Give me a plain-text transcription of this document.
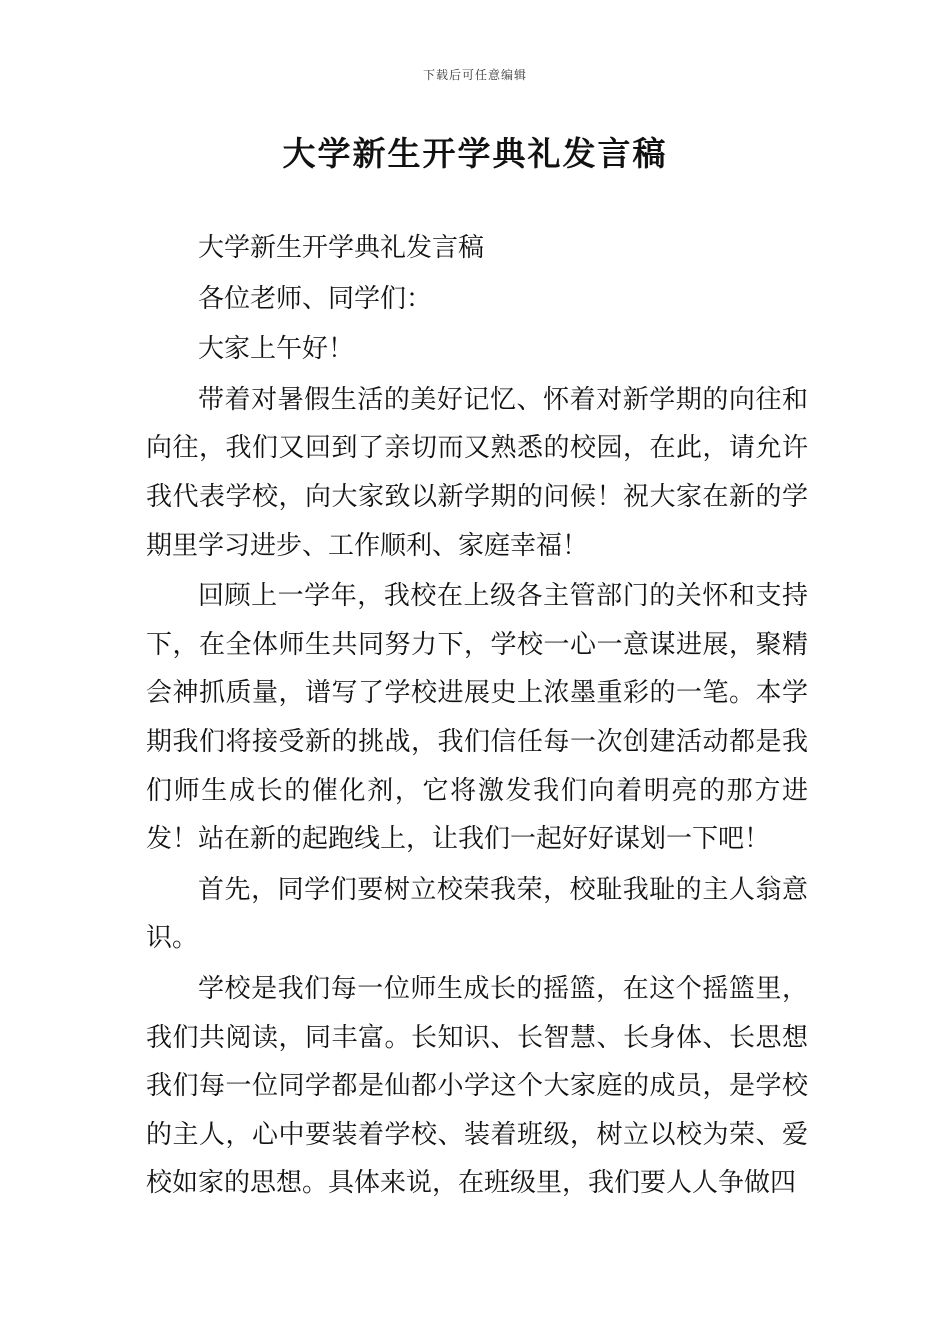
下载后可任意编辑
大学新生开学典礼发言稿

大学新生开学典礼发言稿

各位老师、同学们：

大家上午好！

带着对暑假生活的美好记忆、怀着对新学期的向往和向往，我们又回到了亲切而又熟悉的校园，在此，请允许我代表学校，向大家致以新学期的问候！祝大家在新的学期里学习进步、工作顺利、家庭幸福！

回顾上一学年，我校在上级各主管部门的关怀和支持下，在全体师生共同努力下，学校一心一意谋进展，聚精会神抓质量，谱写了学校进展史上浓墨重彩的一笔。本学期我们将接受新的挑战，我们信任每一次创建活动都是我们师生成长的催化剂，它将激发我们向着明亮的那方进发！站在新的起跑线上，让我们一起好好谋划一下吧！

首先，同学们要树立校荣我荣，校耻我耻的主人翁意识。

学校是我们每一位师生成长的摇篮，在这个摇篮里，我们共阅读，同丰富。长知识、长智慧、长身体、长思想我们每一位同学都是仙都小学这个大家庭的成员，是学校的主人，心中要装着学校、装着班级，树立以校为荣、爱校如家的思想。具体来说，在班级里，我们要人人争做四
